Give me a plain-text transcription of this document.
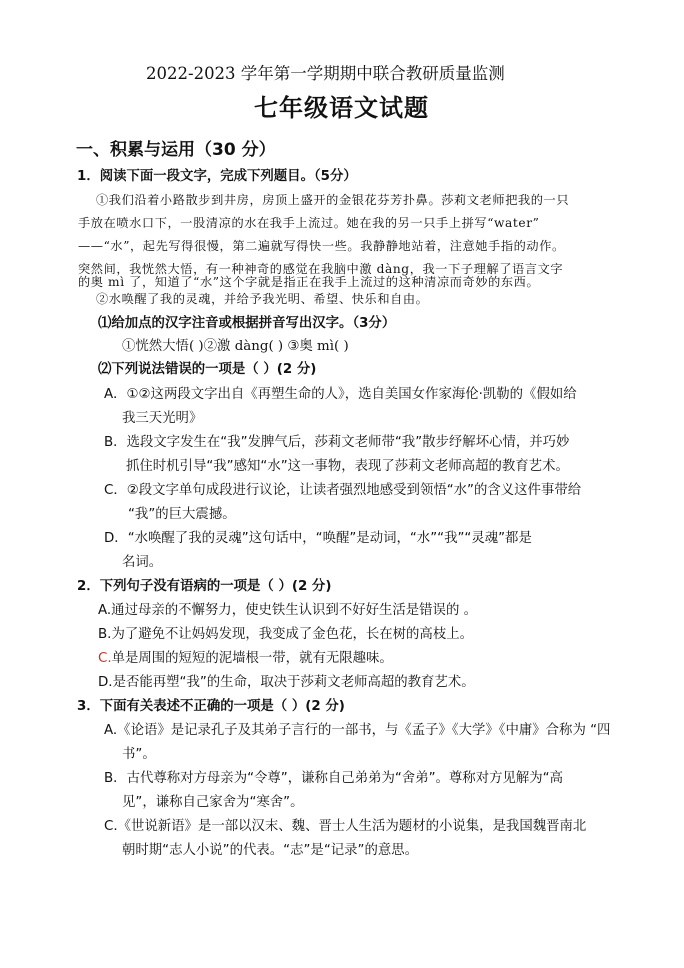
2022-2023 学年第一学期期中联合教研质量监测
七年级语文试题
一、积累与运用（30 分）
1．阅读下面一段文字，完成下列题目。（5分）
①我们沿着小路散步到井房，房顶上盛开的金银花芬芳扑鼻。莎莉文老师把我的一只
手放在喷水口下，一股清凉的水在我手上流过。她在我的另一只手上拼写“water”
——“水”，起先写得很慢，第二遍就写得快一些。我静静地站着，注意她手指的动作。
突然间，我恍然大悟，有一种神奇的感觉在我脑中激 dàng，我一下子理解了语言文字
的奥 mì 了，知道了“水”这个字就是指正在我手上流过的这种清凉而奇妙的东西。
②水唤醒了我的灵魂，并给予我光明、希望、快乐和自由。
⑴给加点的汉字注音或根据拼音写出汉字。（3分）
①恍然大悟( )②激 dàng( ) ③奥 mì( )
⑵下列说法错误的一项是（ ）(2 分)
A．①②这两段文字出自《再塑生命的人》，选自美国女作家海伦·凯勒的《假如给
我三天光明》
B．选段文字发生在“我”发脾气后，莎莉文老师带“我”散步纾解坏心情，并巧妙
抓住时机引导“我”感知“水”这一事物，表现了莎莉文老师高超的教育艺术。
C．②段文字单句成段进行议论，让读者强烈地感受到领悟“水”的含义这件事带给
“我”的巨大震撼。
D．“水唤醒了我的灵魂”这句话中，“唤醒”是动词，“水”“我”“灵魂”都是
名词。
2．下列句子没有语病的一项是（ ）(2 分)
A.通过母亲的不懈努力，使史铁生认识到不好好生活是错误的 。
B.为了避免不让妈妈发现，我变成了金色花，长在树的高枝上。
C.单是周围的短短的泥墙根一带，就有无限趣味。
D.是否能再塑“我”的生命，取决于莎莉文老师高超的教育艺术。
3．下面有关表述不正确的一项是（ ）(2 分)
A.《论语》是记录孔子及其弟子言行的一部书，与《孟子》《大学》《中庸》合称为 “四
书”。
B．古代尊称对方母亲为“令尊”，谦称自己弟弟为“舍弟”。尊称对方见解为“高
见”，谦称自己家舍为“寒舍”。
C.《世说新语》是一部以汉末、魏、晋士人生活为题材的小说集，是我国魏晋南北
朝时期“志人小说”的代表。“志”是“记录”的意思。
